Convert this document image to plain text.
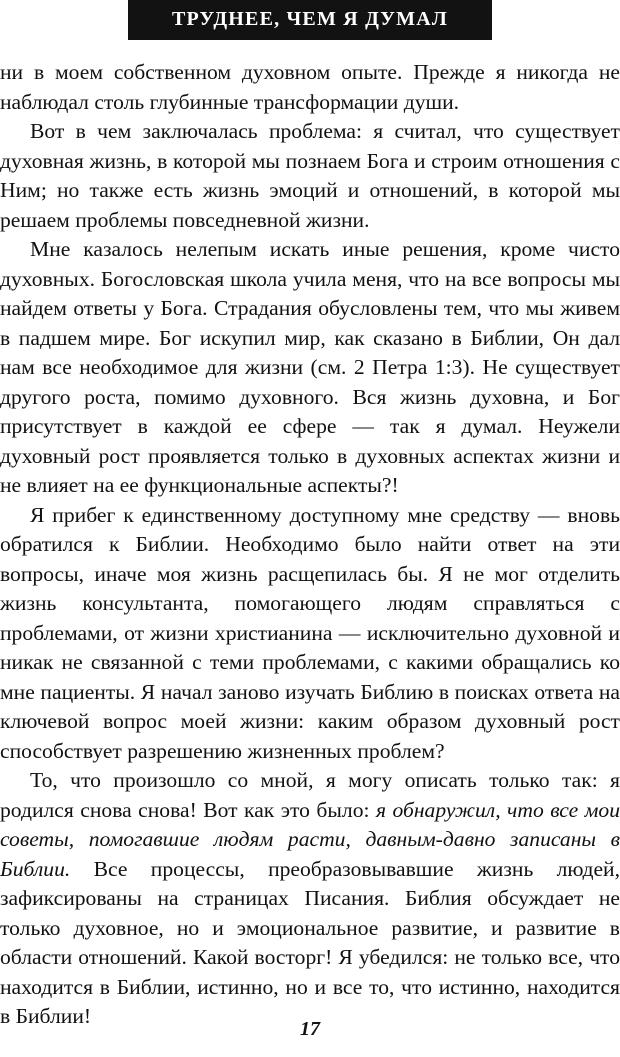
ТРУДНЕЕ, ЧЕМ Я ДУМАЛ

ни в моем собственном духовном опыте. Прежде я никогда не наблюдал столь глубинные трансформации души.

Вот в чем заключалась проблема: я считал, что существует духовная жизнь, в которой мы познаем Бога и строим отношения с Ним; но также есть жизнь эмоций и отношений, в которой мы решаем проблемы повседневной жизни.

Мне казалось нелепым искать иные решения, кроме чисто духовных. Богословская школа учила меня, что на все вопросы мы найдем ответы у Бога. Страдания обусловлены тем, что мы живем в падшем мире. Бог искупил мир, как сказано в Библии, Он дал нам все необходимое для жизни (см. 2 Петра 1:3). Не существует другого роста, помимо духовного. Вся жизнь духовна, и Бог присутствует в каждой ее сфере — так я думал. Неужели духовный рост проявляется только в духовных аспектах жизни и не влияет на ее функциональные аспекты?!

Я прибег к единственному доступному мне средству — вновь обратился к Библии. Необходимо было найти ответ на эти вопросы, иначе моя жизнь расщепилась бы. Я не мог отделить жизнь консультанта, помогающего людям справляться с проблемами, от жизни христианина — исключительно духовной и никак не связанной с теми проблемами, с какими обращались ко мне пациенты. Я начал заново изучать Библию в поисках ответа на ключевой вопрос моей жизни: каким образом духовный рост способствует разрешению жизненных проблем?

То, что произошло со мной, я могу описать только так: я родился снова снова! Вот как это было: я обнаружил, что все мои советы, помогавшие людям расти, давным-давно записаны в Библии. Все процессы, преобразовывавшие жизнь людей, зафиксированы на страницах Писания. Библия обсуждает не только духовное, но и эмоциональное развитие, и развитие в области отношений. Какой восторг! Я убедился: не только все, что находится в Библии, истинно, но и все то, что истинно, находится в Библии!

17
